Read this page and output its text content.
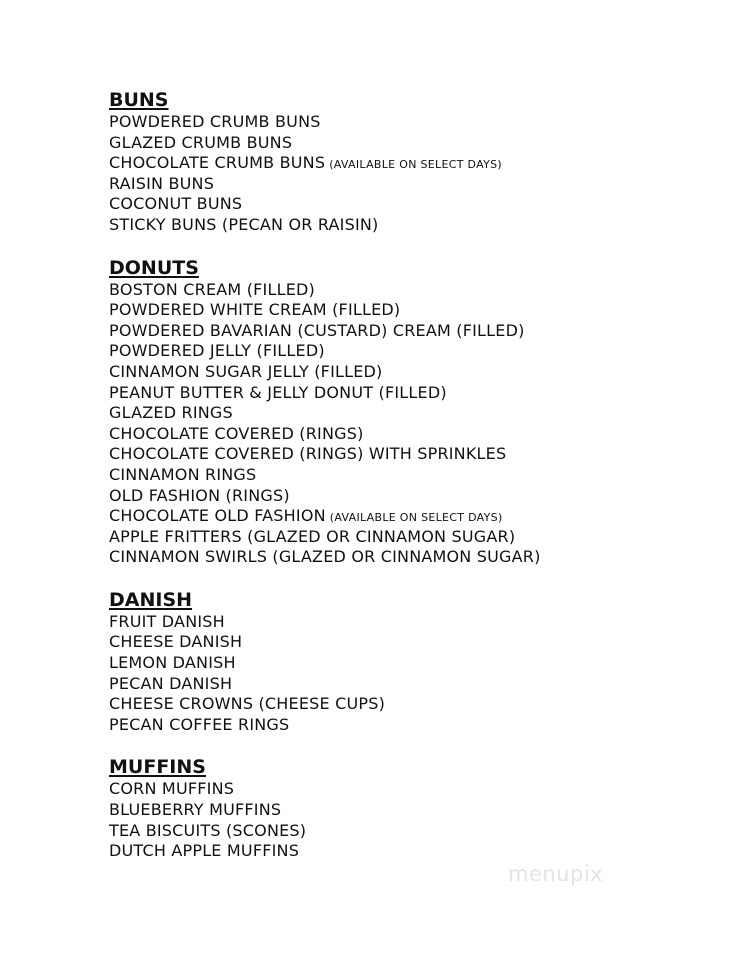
BUNS
POWDERED CRUMB BUNS
GLAZED CRUMB BUNS
CHOCOLATE CRUMB BUNS (AVAILABLE ON SELECT DAYS)
RAISIN BUNS
COCONUT BUNS
STICKY BUNS (PECAN OR RAISIN)
DONUTS
BOSTON CREAM (FILLED)
POWDERED WHITE CREAM (FILLED)
POWDERED BAVARIAN (CUSTARD) CREAM (FILLED)
POWDERED JELLY (FILLED)
CINNAMON SUGAR JELLY (FILLED)
PEANUT BUTTER & JELLY DONUT (FILLED)
GLAZED RINGS
CHOCOLATE COVERED (RINGS)
CHOCOLATE COVERED (RINGS) WITH SPRINKLES
CINNAMON RINGS
OLD FASHION (RINGS)
CHOCOLATE OLD FASHION (AVAILABLE ON SELECT DAYS)
APPLE FRITTERS (GLAZED OR CINNAMON SUGAR)
CINNAMON SWIRLS (GLAZED OR CINNAMON SUGAR)
DANISH
FRUIT DANISH
CHEESE DANISH
LEMON DANISH
PECAN DANISH
CHEESE CROWNS (CHEESE CUPS)
PECAN COFFEE RINGS
MUFFINS
CORN MUFFINS
BLUEBERRY MUFFINS
TEA BISCUITS (SCONES)
DUTCH APPLE MUFFINS
menupix
